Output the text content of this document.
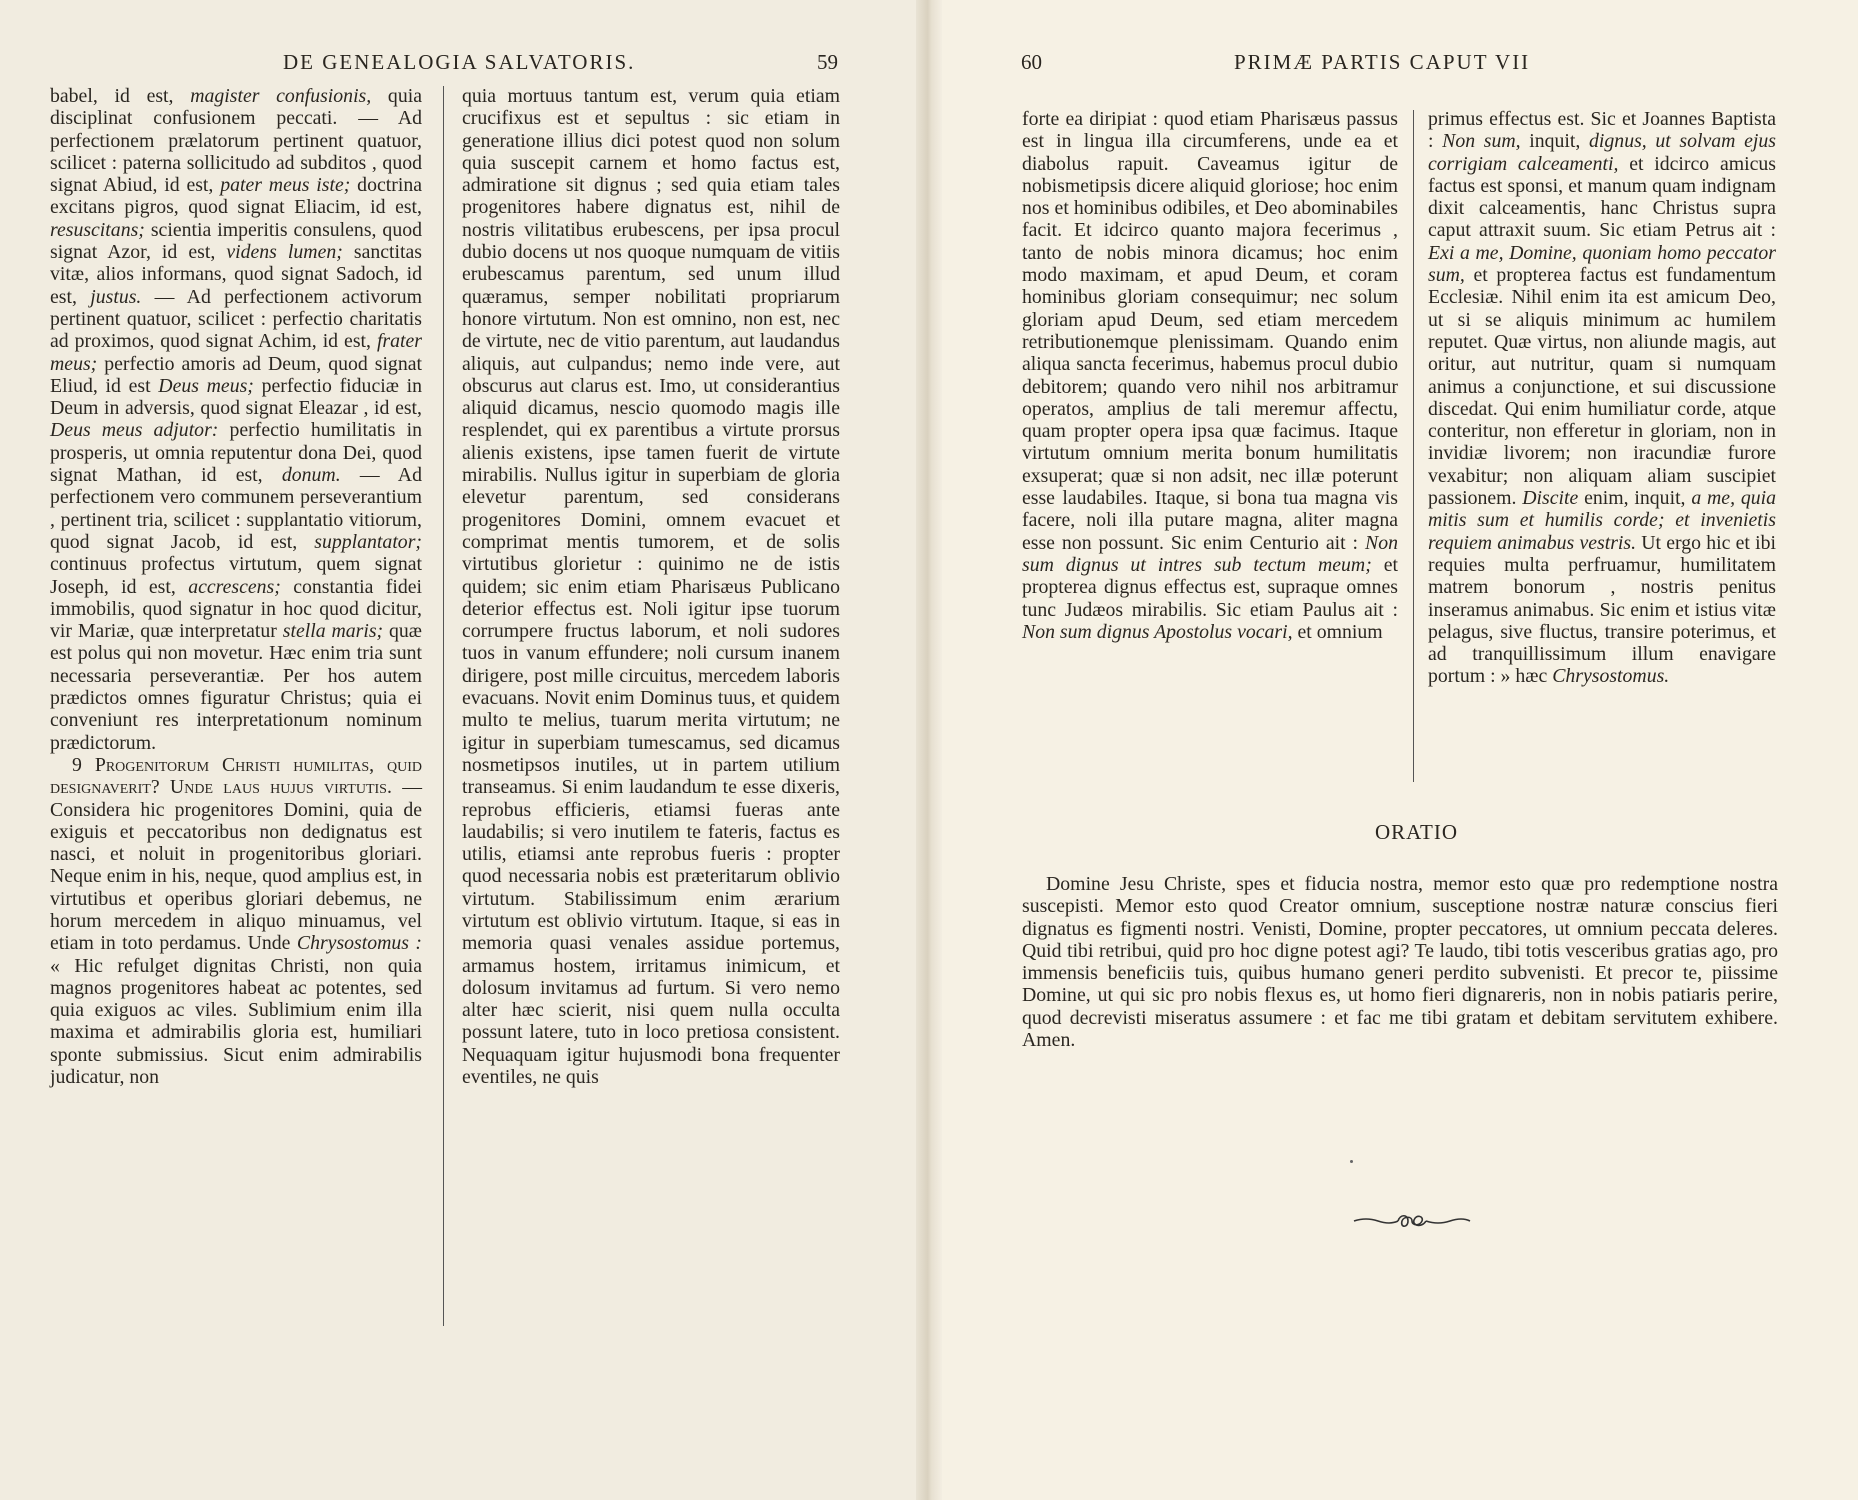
DE GENEALOGIA SALVATORIS.	59

babel, id est, magister confusionis, quia disciplinat confusionem peccati. — Ad perfectionem prælatorum pertinent quatuor, scilicet : paterna sollicitudo ad subditos , quod signat Abiud, id est, pater meus iste; doctrina excitans pigros, quod signat Eliacim, id est, resuscitans; scientia imperitis consulens, quod signat Azor, id est, videns lumen; sanctitas vitæ, alios informans, quod signat Sadoch, id est, justus. — Ad perfectionem activorum pertinent quatuor, scilicet : perfectio charitatis ad proximos, quod signat Achim, id est, frater meus; perfectio amoris ad Deum, quod signat Eliud, id est Deus meus; perfectio fiduciæ in Deum in adversis, quod signat Eleazar , id est, Deus meus adjutor: perfectio humilitatis in prosperis, ut omnia reputentur dona Dei, quod signat Mathan, id est, donum. — Ad perfectionem vero communem perseverantium , pertinent tria, scilicet : supplantatio vitiorum, quod signat Jacob, id est, supplantator; continuus profectus virtutum, quem signat Joseph, id est, accrescens; constantia fidei immobilis, quod signatur in hoc quod dicitur, vir Mariæ, quæ interpretatur stella maris; quæ est polus qui non movetur. Hæc enim tria sunt necessaria perseverantiæ. Per hos autem prædictos omnes figuratur Christus; quia ei conveniunt res interpretationum nominum prædictorum.

9 Progenitorum Christi humilitas, quid designaverit? Unde laus hujus virtutis. — Considera hic progenitores Domini, quia de exiguis et peccatoribus non dedignatus est nasci, et noluit in progenitoribus gloriari. Neque enim in his, neque, quod amplius est, in virtutibus et operibus gloriari debemus, ne horum mercedem in aliquo minuamus, vel etiam in toto perdamus. Unde Chrysostomus : « Hic refulget dignitas Christi, non quia magnos progenitores habeat ac potentes, sed quia exiguos ac viles. Sublimium enim illa maxima et admirabilis gloria est, humiliari sponte submissius. Sicut enim admirabilis judicatur, non

quia mortuus tantum est, verum quia etiam crucifixus est et sepultus : sic etiam in generatione illius dici potest quod non solum quia suscepit carnem et homo factus est, admiratione sit dignus ; sed quia etiam tales progenitores habere dignatus est, nihil de nostris vilitatibus erubescens, per ipsa procul dubio docens ut nos quoque numquam de vitiis erubescamus parentum, sed unum illud quæramus, semper nobilitati propriarum honore virtutum. Non est omnino, non est, nec de virtute, nec de vitio parentum, aut laudandus aliquis, aut culpandus; nemo inde vere, aut obscurus aut clarus est. Imo, ut considerantius aliquid dicamus, nescio quomodo magis ille resplendet, qui ex parentibus a virtute prorsus alienis existens, ipse tamen fuerit de virtute mirabilis. Nullus igitur in superbiam de gloria elevetur parentum, sed considerans progenitores Domini, omnem evacuet et comprimat mentis tumorem, et de solis virtutibus glorietur : quinimo ne de istis quidem; sic enim etiam Pharisæus Publicano deterior effectus est. Noli igitur ipse tuorum corrumpere fructus laborum, et noli sudores tuos in vanum effundere; noli cursum inanem dirigere, post mille circuitus, mercedem laboris evacuans. Novit enim Dominus tuus, et quidem multo te melius, tuarum merita virtutum; ne igitur in superbiam tumescamus, sed dicamus nosmetipsos inutiles, ut in partem utilium transeamus. Si enim laudandum te esse dixeris, reprobus efficieris, etiamsi fueras ante laudabilis; si vero inutilem te fateris, factus es utilis, etiamsi ante reprobus fueris : propter quod necessaria nobis est præteritarum oblivio virtutum. Stabilissimum enim ærarium virtutum est oblivio virtutum. Itaque, si eas in memoria quasi venales assidue portemus, armamus hostem, irritamus inimicum, et dolosum invitamus ad furtum. Si vero nemo alter hæc scierit, nisi quem nulla occulta possunt latere, tuto in loco pretiosa consistent. Nequaquam igitur hujusmodi bona frequenter eventiles, ne quis

60	PRIMÆ PARTIS CAPUT VII

forte ea diripiat : quod etiam Pharisæus passus est in lingua illa circumferens, unde ea et diabolus rapuit. Caveamus igitur de nobismetipsis dicere aliquid gloriose; hoc enim nos et hominibus odibiles, et Deo abominabiles facit. Et idcirco quanto majora fecerimus , tanto de nobis minora dicamus; hoc enim modo maximam, et apud Deum, et coram hominibus gloriam consequimur; nec solum gloriam apud Deum, sed etiam mercedem retributionemque plenissimam. Quando enim aliqua sancta fecerimus, habemus procul dubio debitorem; quando vero nihil nos arbitramur operatos, amplius de tali meremur affectu, quam propter opera ipsa quæ facimus. Itaque virtutum omnium merita bonum humilitatis exsuperat; quæ si non adsit, nec illæ poterunt esse laudabiles. Itaque, si bona tua magna vis facere, noli illa putare magna, aliter magna esse non possunt. Sic enim Centurio ait : Non sum dignus ut intres sub tectum meum; et propterea dignus effectus est, supraque omnes tunc Judæos mirabilis. Sic etiam Paulus ait : Non sum dignus Apostolus vocari, et omnium

primus effectus est. Sic et Joannes Baptista : Non sum, inquit, dignus, ut solvam ejus corrigiam calceamenti, et idcirco amicus factus est sponsi, et manum quam indignam dixit calceamentis, hanc Christus supra caput attraxit suum. Sic etiam Petrus ait : Exi a me, Domine, quoniam homo peccator sum, et propterea factus est fundamentum Ecclesiæ. Nihil enim ita est amicum Deo, ut si se aliquis minimum ac humilem reputet. Quæ virtus, non aliunde magis, aut oritur, aut nutritur, quam si numquam animus a conjunctione, et sui discussione discedat. Qui enim humiliatur corde, atque conteritur, non efferetur in gloriam, non in invidiæ livorem; non iracundiæ furore vexabitur; non aliquam aliam suscipiet passionem. Discite enim, inquit, a me, quia mitis sum et humilis corde; et invenietis requiem animabus vestris. Ut ergo hic et ibi requies multa perfruamur, humilitatem matrem bonorum , nostris penitus inseramus animabus. Sic enim et istius vitæ pelagus, sive fluctus, transire poterimus, et ad tranquillissimum illum enavigare portum : » hæc Chrysostomus.

ORATIO

Domine Jesu Christe, spes et fiducia nostra, memor esto quæ pro redemptione nostra suscepisti. Memor esto quod Creator omnium, susceptione nostræ naturæ conscius fieri dignatus es figmenti nostri. Venisti, Domine, propter peccatores, ut omnium peccata deleres. Quid tibi retribui, quid pro hoc digne potest agi? Te laudo, tibi totis vesceribus gratias ago, pro immensis beneficiis tuis, quibus humano generi perdito subvenisti. Et precor te, piissime Domine, ut qui sic pro nobis flexus es, ut homo fieri dignareris, non in nobis patiaris perire, quod decrevisti miseratus assumere : et fac me tibi gratam et debitam servitutem exhibere. Amen.
